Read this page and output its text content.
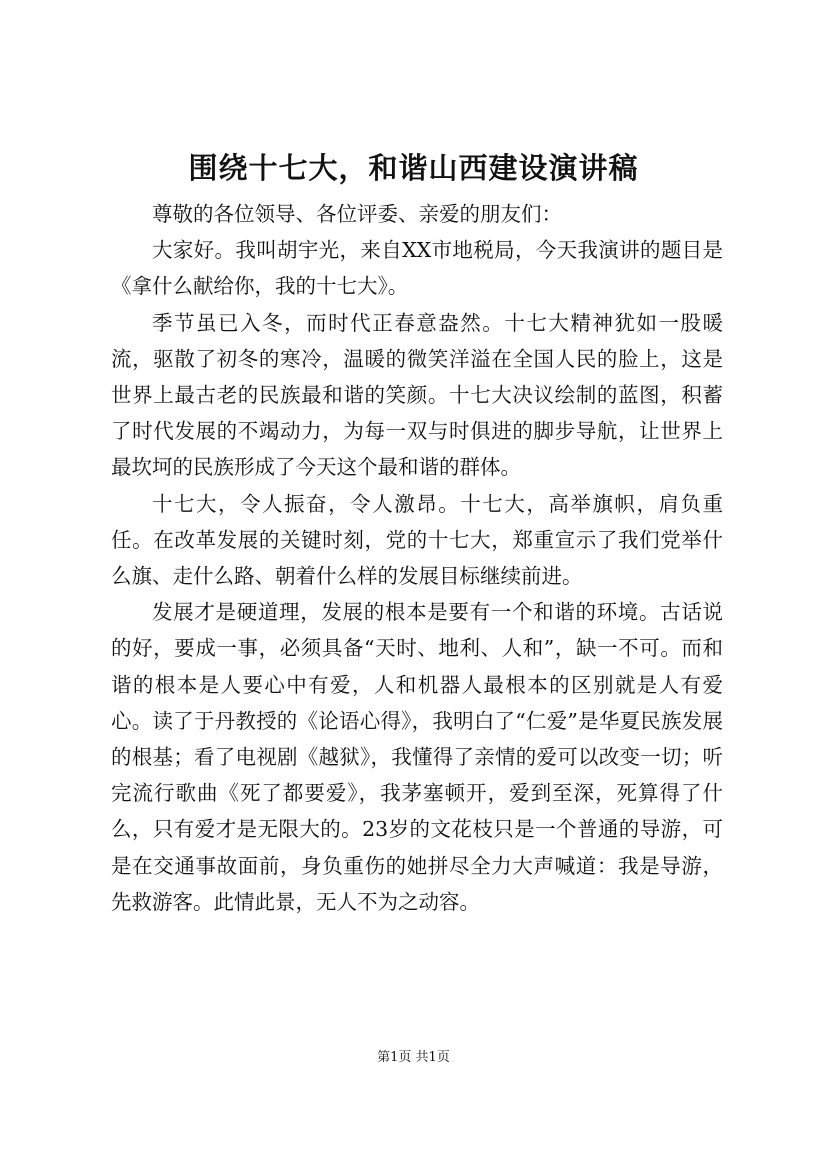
围绕十七大，和谐山西建设演讲稿

尊敬的各位领导、各位评委、亲爱的朋友们：

大家好。我叫胡宇光，来自XX市地税局，今天我演讲的题目是《拿什么献给你，我的十七大》。

季节虽已入冬，而时代正春意盎然。十七大精神犹如一股暖流，驱散了初冬的寒冷，温暖的微笑洋溢在全国人民的脸上，这是世界上最古老的民族最和谐的笑颜。十七大决议绘制的蓝图，积蓄了时代发展的不竭动力，为每一双与时俱进的脚步导航，让世界上最坎坷的民族形成了今天这个最和谐的群体。

十七大，令人振奋，令人激昂。十七大，高举旗帜，肩负重任。在改革发展的关键时刻，党的十七大，郑重宣示了我们党举什么旗、走什么路、朝着什么样的发展目标继续前进。

发展才是硬道理，发展的根本是要有一个和谐的环境。古话说的好，要成一事，必须具备“天时、地利、人和”，缺一不可。而和谐的根本是人要心中有爱，人和机器人最根本的区别就是人有爱心。读了于丹教授的《论语心得》，我明白了“仁爱”是华夏民族发展的根基；看了电视剧《越狱》，我懂得了亲情的爱可以改变一切；听完流行歌曲《死了都要爱》，我茅塞顿开，爱到至深，死算得了什么，只有爱才是无限大的。23岁的文花枝只是一个普通的导游，可是在交通事故面前，身负重伤的她拼尽全力大声喊道：我是导游，先救游客。此情此景，无人不为之动容。

第1页 共1页
